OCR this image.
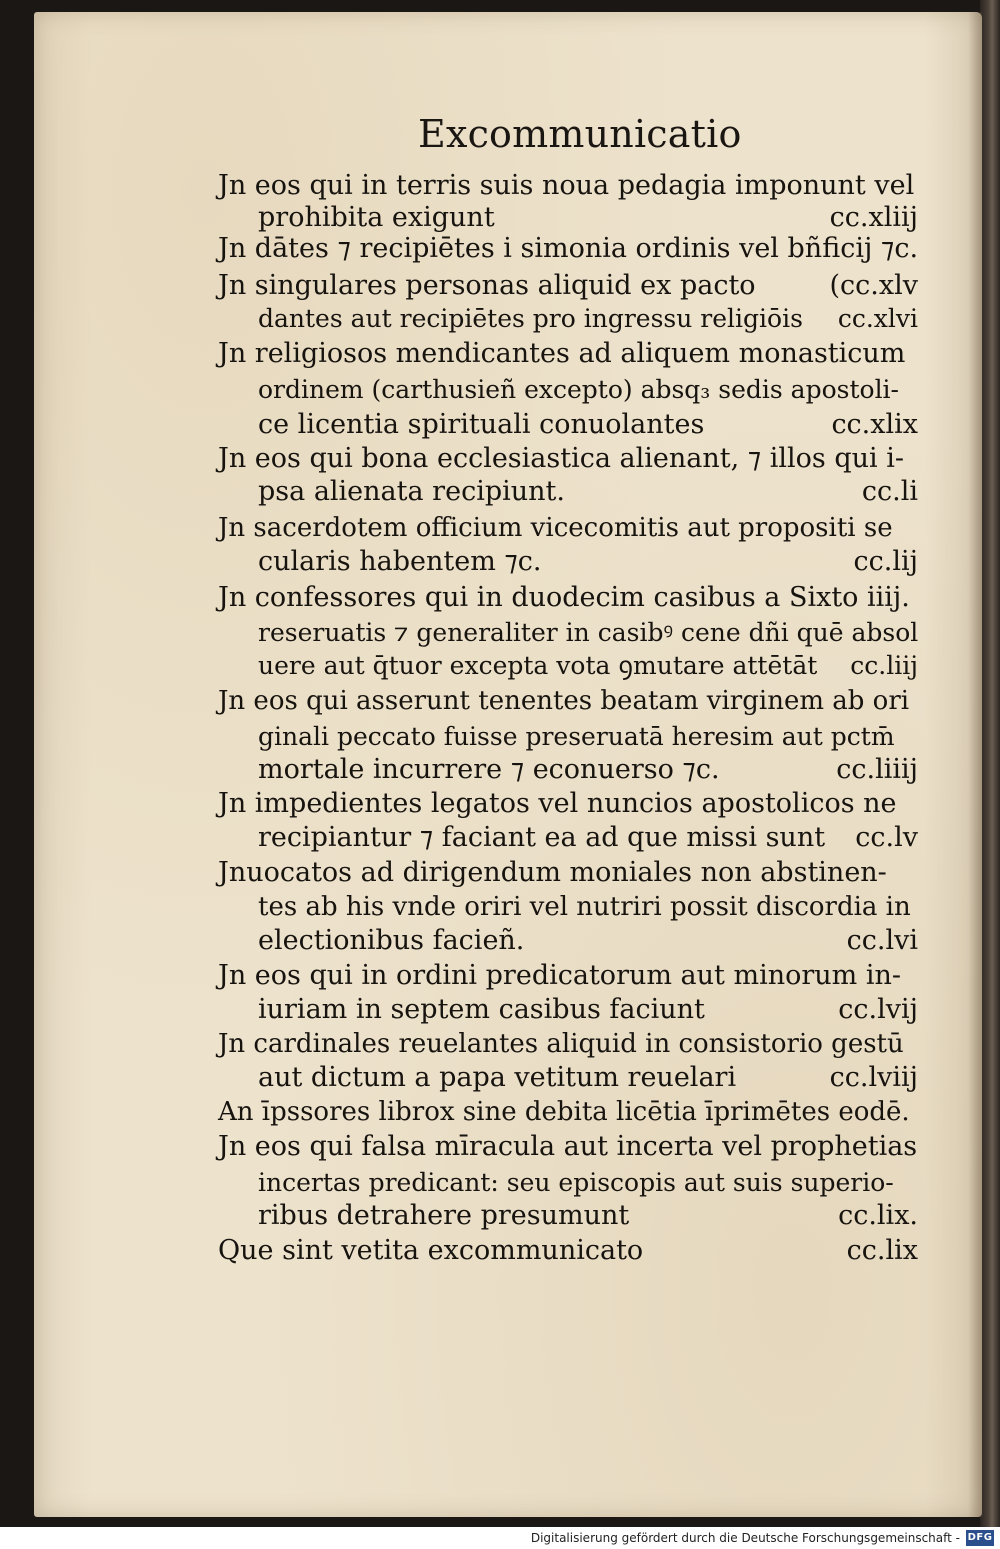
Excommunicatio
Jn eos qui in terris suis noua pedagia imponunt vel
prohibita exigunt	cc.xliij
Jn dātes ⁊ recipiētes i simonia ordinis vel bñficij ⁊c.
Jn singulares personas aliquid ex pacto	(cc.xlv
dantes aut recipiētes pro ingressu religiōis cc.xlvi
Jn religiosos mendicantes ad aliquem monasticum
ordinem (carthusieñ excepto) absq₃ sedis apostoli-
ce licentia spirituali conuolantes	cc.xlix
Jn eos qui bona ecclesiastica alienant, ⁊ illos qui i-
psa alienata recipiunt.	cc.li
Jn sacerdotem officium vicecomitis aut propositi se
cularis habentem ⁊c.	cc.lij
Jn confessores qui in duodecim casibus a Sixto iiij.
reseruatis ⁊ generaliter in casibꝰ cene dñi quē absol
uere aut q̄tuor excepta vota ꝯmutare attētāt cc.liij
Jn eos qui asserunt tenentes beatam virginem ab ori
ginali peccato fuisse preseruatā heresim aut pctm̄
mortale incurrere ⁊ econuerso ⁊c.	cc.liiij
Jn impedientes legatos vel nuncios apostolicos ne
recipiantur ⁊ faciant ea ad que missi sunt cc.lv
Jnuocatos ad dirigendum moniales non abstinen-
tes ab his vnde oriri vel nutriri possit discordia in
electionibus facieñ.	cc.lvi
Jn eos qui in ordini predicatorum aut minorum in-
iuriam in septem casibus faciunt	cc.lvij
Jn cardinales reuelantes aliquid in consistorio gestū
aut dictum a papa vetitum reuelari	cc.lviij
An īpssores librox sine debita licētia īprimētes eodē.
Jn eos qui falsa mīracula aut incerta vel prophetias
incertas predicant: seu episcopis aut suis superio-
ribus detrahere presumunt	cc.lix.
Que sint vetita excommunicato	cc.lix
Digitalisierung gefördert durch die Deutsche Forschungsgemeinschaft - DFG
